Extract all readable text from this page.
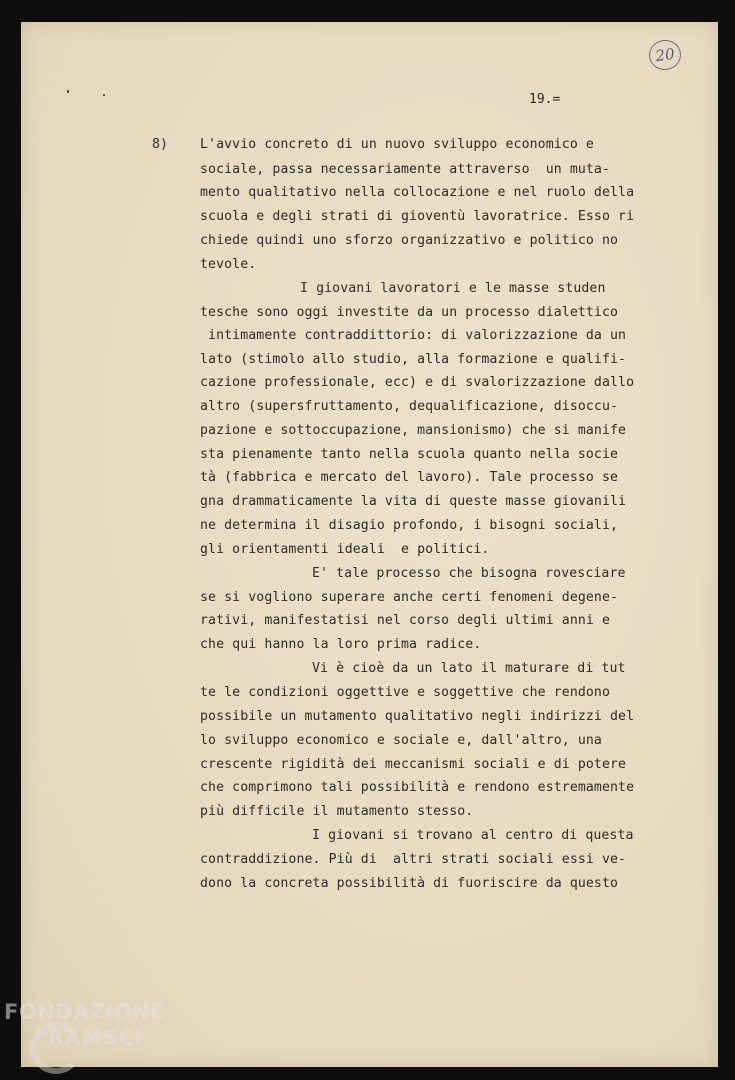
20
19.=
8) L'avvio concreto di un nuovo sviluppo economico e
sociale, passa necessariamente attraverso  un muta-
mento qualitativo nella collocazione e nel ruolo della
scuola e degli strati di gioventù lavoratrice. Esso ri
chiede quindi uno sforzo organizzativo e politico no
tevole.
I giovani lavoratori e le masse studen
tesche sono oggi investite da un processo dialettico
intimamente contraddittorio: di valorizzazione da un
lato (stimolo allo studio, alla formazione e qualifi-
cazione professionale, ecc) e di svalorizzazione dallo
altro (supersfruttamento, dequalificazione, disoccu-
pazione e sottoccupazione, mansionismo) che si manife
sta pienamente tanto nella scuola quanto nella socie
tà (fabbrica e mercato del lavoro). Tale processo se
gna drammaticamente la vita di queste masse giovanili
ne determina il disagio profondo, i bisogni sociali,
gli orientamenti ideali  e politici.
E' tale processo che bisogna rovesciare
se si vogliono superare anche certi fenomeni degene-
rativi, manifestatisi nel corso degli ultimi anni e
che qui hanno la loro prima radice.
Vi è cioè da un lato il maturare di tut
te le condizioni oggettive e soggettive che rendono
possibile un mutamento qualitativo negli indirizzi del
lo sviluppo economico e sociale e, dall'altro, una
crescente rigidità dei meccanismi sociali e di potere
che comprimono tali possibilità e rendono estremamente
più difficile il mutamento stesso.
I giovani si trovano al centro di questa
contraddizione. Più di  altri strati sociali essi ve-
dono la concreta possibilità di fuoriscire da questo
FONDAZIONE
RAMSCI
onlus
